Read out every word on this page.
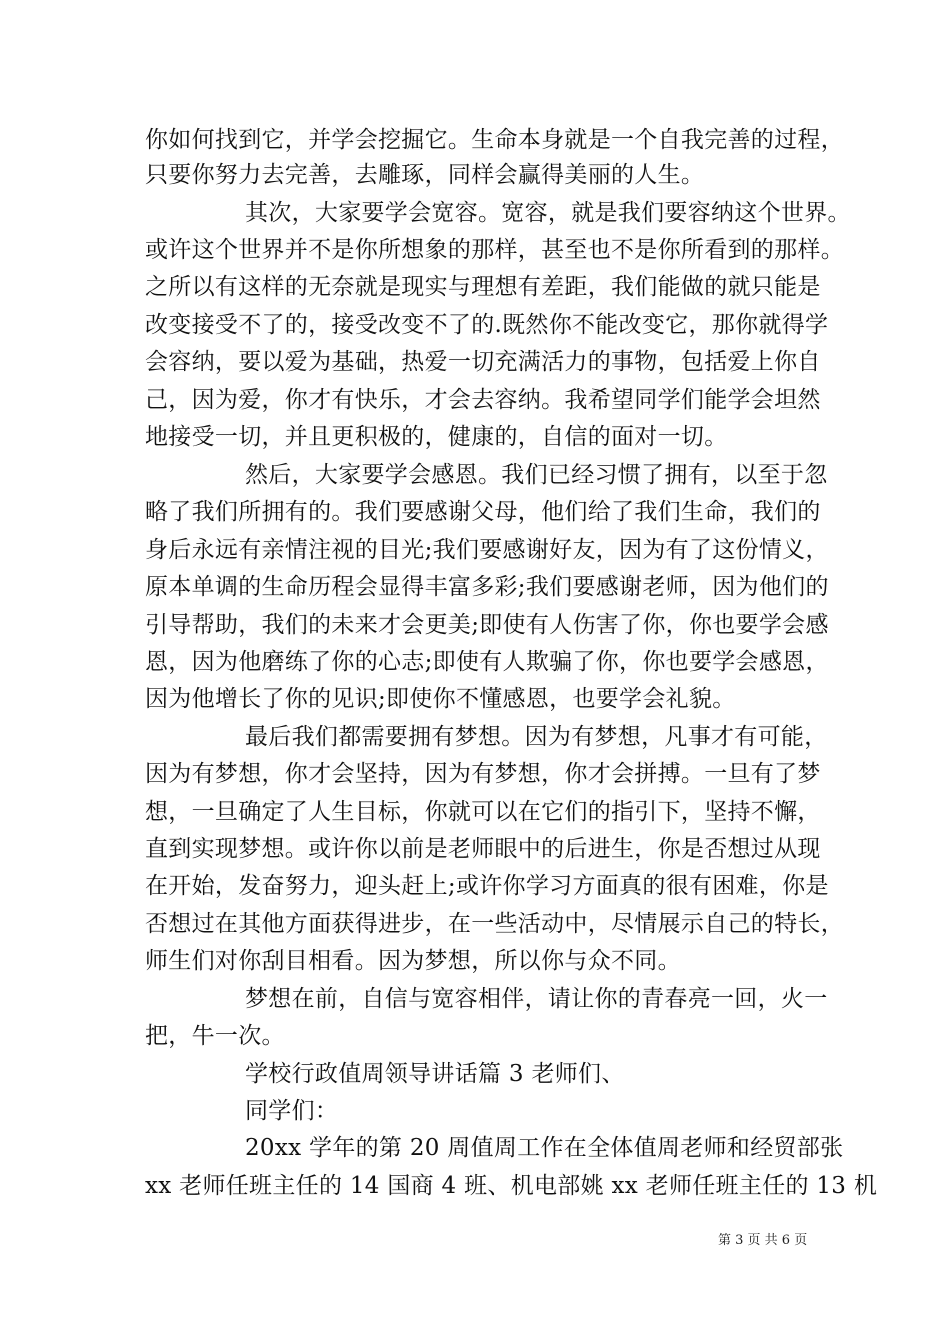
你如何找到它，并学会挖掘它。生命本身就是一个自我完善的过程，
只要你努力去完善，去雕琢，同样会赢得美丽的人生。
其次，大家要学会宽容。宽容，就是我们要容纳这个世界。
或许这个世界并不是你所想象的那样，甚至也不是你所看到的那样。
之所以有这样的无奈就是现实与理想有差距，我们能做的就只能是
改变接受不了的，接受改变不了的.既然你不能改变它，那你就得学
会容纳，要以爱为基础，热爱一切充满活力的事物，包括爱上你自
己，因为爱，你才有快乐，才会去容纳。我希望同学们能学会坦然
地接受一切，并且更积极的，健康的，自信的面对一切。
然后，大家要学会感恩。我们已经习惯了拥有，以至于忽
略了我们所拥有的。我们要感谢父母，他们给了我们生命，我们的
身后永远有亲情注视的目光;我们要感谢好友，因为有了这份情义，
原本单调的生命历程会显得丰富多彩;我们要感谢老师，因为他们的
引导帮助，我们的未来才会更美;即使有人伤害了你，你也要学会感
恩，因为他磨练了你的心志;即使有人欺骗了你，你也要学会感恩，
因为他增长了你的见识;即使你不懂感恩，也要学会礼貌。
最后我们都需要拥有梦想。因为有梦想，凡事才有可能，
因为有梦想，你才会坚持，因为有梦想，你才会拼搏。一旦有了梦
想，一旦确定了人生目标，你就可以在它们的指引下，坚持不懈，
直到实现梦想。或许你以前是老师眼中的后进生，你是否想过从现
在开始，发奋努力，迎头赶上;或许你学习方面真的很有困难，你是
否想过在其他方面获得进步，在一些活动中，尽情展示自己的特长，
师生们对你刮目相看。因为梦想，所以你与众不同。
梦想在前，自信与宽容相伴，请让你的青春亮一回，火一
把，牛一次。
学校行政值周领导讲话篇 3 老师们、
同学们：
20xx 学年的第 20 周值周工作在全体值周老师和经贸部张
xx 老师任班主任的 14 国商 4 班、机电部姚 xx 老师任班主任的 13 机
第 3 页 共 6 页
